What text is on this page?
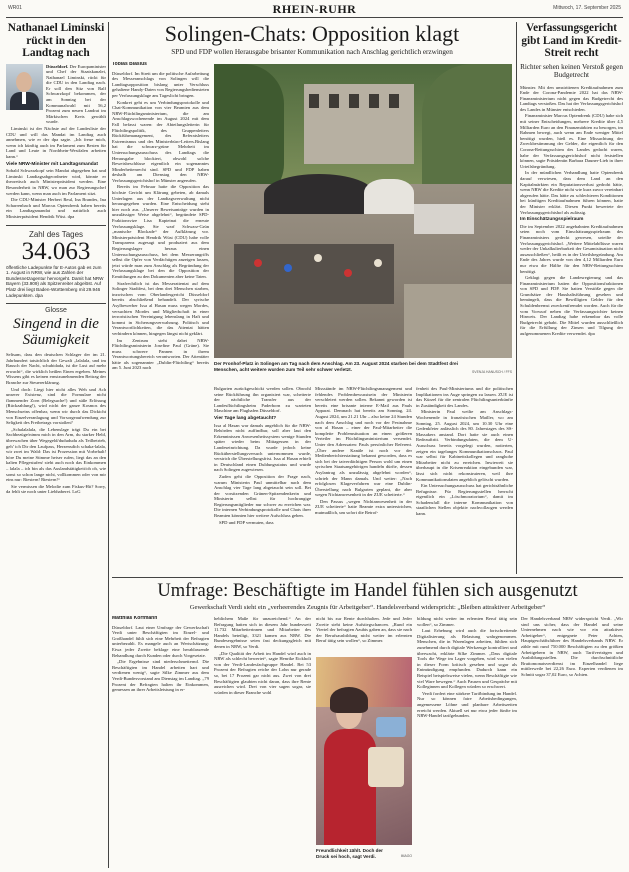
WR01	RHEIN-RUHR	Mittwoch, 17. September 2025
Nathanael Liminski rückt in den Landtag nach
Düsseldorf. Der Europaminister und Chef der Staatskanzlei, Nathanael Liminski, rückt für die CDU in den Landtag nach. Er soll den Sitz von Ralf Schwarzkopf bekommen, der am Sonntag bei der Kommunalwahl mit 56,2 Prozent zum neuen Landrat im Märkischen Kreis gewählt wurde.

Liminski ist der Nächste auf der Landesliste der CDU und will das Mandat im Landtag auch annehmen, wie er der dpa sagte. „Ich freue mich, wenn ich künftig auch im Parlament zum Besten für Land und Leute in Nordrhein-Westfalen arbeiten kann.“

Viele NRW-Minister mit Landtagsmandat

Sobald Schwarzkopf sein Mandat abgegeben hat und Liminski Landtagsabgeordneter wird, könnte er theoretisch auch Ministerpräsident werden. Eine Besonderheit in NRW, wo man zur Regierungschef werden kann, wenn man auch im Parlament sitzt.

Die CDU-Minister Herbert Reul, Ina Brandes, Ina Scharrenbach und Marcus Optendrenk haben bereits ein Landtagsmandat und natürlich auch Ministerpräsident Hendrik Wüst. dpa

Zahl des Tages
34.063
öffentliche Ladepunkte für E-Autos gab es zum 1. August in NRW, wie aus Zahlen der Bundesnetzagentur hervorgeht. Damit hat NRW Bayern (33.909) als Spitzenreiter abgelöst. Auf Platz drei liegt Baden-Württemberg mit 29.946 Ladepunkten. dpa
Glosse
Singend in die Säumigkeit

Seltsam, dass den deutschen Schlager der im 21. Jahrhundert tatsächlich der Gewalt „lalalala, und im Rausch der Nacht, schubidada, ist die Lust auf mehr erwacht“, die wirklich heißen Einen ergeben. Meines Wissens gibt es keinen ernstzunehmenden Beitrag der Branche zur Steuererklärung.

Und doch: Liegt hier nicht alles Weh und Ach unserer Existenz, sind die Formulare nicht flammender Zorn (Belegsuche!) und süße Erlösung (Rückzahlung!), wird nicht der ganze Kosmos des Menschseins offenbar, wenn wir durch das Dickicht von Einzelveranlagung und Vorsorgeaufwendung zur Seligkeit des Freibetrags vorstoßen?

„Schalalalala, die Lebenslage trägt Du ein bei Sachbezüge/nimm mich in den Arm, du starker Held, überwachen über Wegegeld/dudududu als Teilbetrieb, geh’ ich Dir den Laufpass, Herzensdich schaka-lalala, wir zwei im Wald: Das ist Prozession mit Vorbehalt! höre Du meine Stimme heiser rufen, liegt das an den kalten Pflegestufen/ steht auch noch das Einkommen – lalala – ich bin als das Auslandstätigkeit/oh oh, wie sonst so schon lange nicht, vollkommen oder von mir eins nur: Riestern! Riestern!“

Sie vermissen die Melodie zum Fiskus-Hit? Sorry, da fehlt sie noch unter Liebhaberei. LoG

Solingen-Chats: Opposition klagt
SPD und FDP wollen Herausgabe brisanter Kommunikation nach Anschlag gerichtlich erzwingen
Tobias Blasius

Düsseldorf. Im Streit um die politische Aufarbeitung des Messeranschlags von Solingen will die Landtagsopposition bislang unter Verschluss gehaltene Handy-Daten von Regierungsbediensteten per Verfassungsklage ans Tageslicht bringen.

Konkret geht es um Verbindungsprotokolle und Chat-Kommunikation von vier Beamten aus dem NRW-Flüchtlingsministerium, die am Anschlagswochenende im August 2024 mit dem Fall befasst waren: der Abteilungsleiterin für Flüchtlingspolitik, des Gruppenleiters Rückführmanagement, des Referatsleiters Extremismus und des Ministerbüro-Leiters.Bislang hat die schwarz-grüne Mehrheit im Untersuchungsausschuss des Landtags die Herausgabe blockiert, obwohl solche Beweisbeschlüsse eigentlich ein sogenanntes Minderheitenrecht sind. SPD und FDP haben deshalb am Dienstag den NRW-Verfassungsgerichtshof in Münster angerufen.

Bereits im Februar hatte die Opposition das höchste Gericht um Klärung gebeten, ab damals Unterlagen aus der Landtagsverwaltung nicht herausgegeben wurden. Eine Entscheidung steht hier noch aus. „Unserer Beweisanträge wurden in unzulässiger Weise abgelehnt“, begründete SPD-Fraktionsvize Lisa Kapteinat die erneute Verfassungsklage. Sie warf Schwarz-Grün „manische Blockade“ der Aufklärung vor. Ministerpräsident Hendrik Wüst (CDU) habe volle Transparenz zugesagt und produziert aus dem Regierungslager heraus einen Untersuchungsausschuss, bei dem Messerangriffs selbst die Opfer von Verdächtigen anzeigen lassen, jetzt würde man zum Anschlag als Begründung der Verfassungsklage bei den die Opposition der Ermittlungen zu den Dokumenten aber keine Taten.

Strafrechtlich ist das Messerattentat auf dem Solinger Stadtfest, bei dem drei Menschen starben, inzwischen vom Oberlandesgericht Düsseldorf bereits abschließend behandelt. Der syrische Asylbewerber Issa al Hasan muss wegen Mordes, versuchten Mordes und Mitgliedschaft in einer terroristischen Vereinigung lebenslang in Haft und kommt in Sicherungsverwahrung. Politisch und Verantwortlichkeiten, die das Attentat hätten verhindern können, hingegen längst nicht geklärt.

Im Zentrum steht dabei NRW-Flüchtlingsministerin Josefine Paul (Grüne). Sie muss schwere Pannen in ihrem Verantwortungsbereich verantworten. Der Attentäter hätte als sogenannter „Dublin-Flüchtling“ bereits am 5. Juni 2023 nach

Der Fronhof-Platz in Solingen am Tag nach dem Anschlag. Am 23. August 2024 starben bei dem Stadtfest drei Menschen, acht weitere wurden zum Teil sehr schwer verletzt.
SVENJA HANUSCH / FFS

Bulgarien zurückgeschickt werden sollen. Obwohl seine Rückführung ihn organisiert war, scheiterte der nächtliche Transfer aus der Landesflüchtlingsheim Paderborn zu warteten Maschine am Flughafen Düsseldorf.

Vier Tage lang abgetaucht?

Issa al Hasan war damals angeblich für die NRW-Behörden nicht auffindbar, soll aber laut den Erkenntnissen Anwesenheitssystem wenige Stunden später wieder beim Mittagessen in der Landeseinrichtung. Da wurde jedoch keine Rücküberstellungsversuch unternommen wurde, verstrich die Überstellungsfrist. Issa al Hasan erhielt in Deutschland einen Duldungsstatus und wurde nach Solingen zugewiesen.

Zuden geht die Opposition der Frage nach, warum Ministerin Paul unmittelbar nach dem Anschlag vier Tage lang abgetaucht sein soll. Bei der vorsitzenden Grünen-Spitzendenkerin und Ministerin selbst für hochrangige Regierungsmitglieder nur schwer zu erreichen war. Die internen Verbindungsprotokolle und Chats ihrer Beamten könnten hier weitere Aufschluss geben.

SPD und FDP vermuten, dass

Missstände im NRW-Flüchtlingsmanagement und fehlendes Problembewusstsein der Ministerin verschleiert werden sollen. Bekannt geworden ist bereits eine brisante interne E-Mail aus Pauls Apparat. Demnach hat bereits am Sonntag, 24. August 2024, um 21.21 Uhr – also keine 24 Stunden nach dem Anschlag und noch vor der Festnahme von al Hasan – einer der Paul-Mitarbeiter die komplette Problemsituation an einen größeren Verteiler im Flüchtlingsministerium versendet. Unter den Adressaten: Pauls persönlicher Referent. „Über andere Kanäle ist noch vor der Medienberichterstattung bekannt geworden, dass es sich bei der tatverdächtigen Person wohl um einen syrischen Staatsangehörigen handeln dürfte, dessen Asylantrag als unzulässig abgelehnt worden“, schrieb der Mann damals. Und weiter: „Nach erfolglosen Klageverfahren war eine Dublin-Überstellung nach Bulgarien geplant, die aber wegen Nichtanwesenheit in der ZUE scheiterte.“

Den Passus „wegen Nichtanwesenheit in der ZUE scheiterte“ hatte Beamte extra unterstrichen, mutmaßlich, um sofort die Betrof-

fenheit des Paul-Ministeriums und die politischen Implikationen ins Auge springen zu lassen. ZUE ist das Kürzel für die zentralen Flüchtlingsunterkünfte in Zuständigkeit des Landes.

Ministerin Paul weilte am Anschlags-Wochenende in französischen Mailler, wo am Sonntag, 25. August 2024, um 10.30 Uhr eine Gedenkfeier anlässlich des 80. Jahrestages des SS-Massakers anstand. Dort hatte sie auch einen Redeauftritt. Verbindungsdaten, die dem U-Ausschuss bereits vorgelegt wurden, notierten, zeigen ein tagelanges Kommunikationschaos. Paul war selbst für Kabinettskollegen und ranghohe Mitarbeiter nicht zu erreichen. Inwieweit sie überhaupt in die Krisenreaktion eingebunden war, lässt sich nicht rekonstruieren, weil ihre Kommunikationsdaten angeblich gelöscht wurden.

Ein Untersuchungsausschuss hat gerichtsähnliche Befugnisse. Für Regierungsstellen herrscht eigentlich ein „Löschmoratorium“, damit im Schadensfall die interne Kommunikation von staatlichen Stellen objektiv nachvollzogen werden kann.

Verfassungsgericht gibt Land im Kredit-Streit recht
Richter sehen keinen Verstoß gegen Budgetrecht

Münster. Mit den umstrittenen Kreditaufnahmen zum Ende der Corona-Pandemie 2022 hat das NRW-Finanzministerium nicht gegen das Budgetrecht des Landtags verstoßen. Das hat der Verfassungsgerichtshof des Landes in Münster entschieden.

Finanzminister Marcus Optendrenk (CDU) habe sich mit seiner Entscheidungen, mehrere Kredite über 4,5 Milliarden Euro an den Finanzmärkten zu besorgen, im Rahmen bewegt, auch wenn am Ende weniger Mittel benötigt wurden, hieß es. Eine Missachtung der Zweckbestimmung der Gelder, die eigentlich für den Corona-Rettungsschirm des Landes gedacht waren, habe der Verfassungsgerichtshof nicht feststellen können, sagte Präsidentin Barbara Dauner-Lieb in ihrer Urteilsbegründung.

In der mündlichen Verhandlung hatte Optendrenk darauf verwiesen, dass dem Land an den Kapitalmärkten ein Reputationsverlust gedroht hätte, wenn NRW die Kredite nicht wie kurz zuvor vereinbart abgerufen hätte. Das hätte zu schlechteren Konditionen bei künftigen Kreditaufnahmen führen können, hatte der Minister erklärt. Diesen Punkt bewertete der Verfassungsgerichtshof als zulässig.

Im Einschätzungsspielraum

Die im September 2022 angebahnten Kreditaufnahmen seien noch vom Einschätzungsspielraum des Finanzministers gedeckt gewesen, urteilte der Verfassungsgerichtshof. „Weitere Mittelabflüsse waren weder der Unkalkulierbarkeit der Gesamtsituation nicht auszuschließen“, heißt es in der Urteilsbegründung. Am Ende des Jahres wurde von den 4,12 Milliarden Euro nur etwa die Hälfte für den NRW-Rettungsschirm benötigt.

Geklagt gegen die Landesregierung und das Finanzministerium hatten die Oppositionsfraktionen von SPD und FDP. Sie hatten Verstöße gegen die Grundsätze der Haushaltsführung gesehen und bemängelt, dass die Bewilligten Gelder für den Schuldenbremst zweckentfremdet worden. Auch für die vom Vorwurf neben die Verfassungsrichter keinen Hinweis. Der Landtag habe erkennbar das volle Budgetrecht gehabt. Die Mittel wurden ausschließlich für die Erfüllung der Zinsen und Tilgung der aufgenommenen Kredite verwendet. dpa

Umfrage: Beschäftigte im Handel fühlen sich ausgenutzt
Gewerkschaft Verdi sieht ein „verheerendes Zeugnis für Arbeitgeber“. Handelsverband widerspricht: „Bleiben attraktiver Arbeitgeber“
Matthias Korfmann

Düsseldorf. Laut einer Umfrage der Gewerkschaft Verdi unter Beschäftigten im Einzel- und Großhandel fühlt sich eine Mehrheit der Befragten unterbezahlt. Es mangele auch an Wertschätzung: Etwa jeder Zweite beklage eine herablassende Behandlung durch Kunden oder durch Vorgesetzte.

„Die Ergebnisse sind niederschmetternd. Die Beschäftigten im Handel arbeiten hart und verdienen wenig“, sagte Silke Zimmer aus dem Verdi-Bundesvorstand am Dienstag im Landtag. „79 Prozent der Befragten halten ihr Einkommen, gemessen an ihrer Arbeitsleistung in er-

heblichem Maße für unzureichend.“ An der Befragung hatten sich in diesem Jahr bundesweit 11.732 Mitarbeiterinnen und Mitarbeiter des Handels beteiligt, 3321 kamen aus NRW. Die Bundesergebnisse seien fast deckungsgleich mit denen in NRW, so Verdi.

„Die Qualität der Arbeit im Handel wird auch in NRW als schlecht bewertet“, sagte Henrike Eickholt von der Verdi-Landesfachgruppe Handel. Bei 53 Prozent der Befragten reiche der Lohn nur gerade so, bei 17 Prozent gar nicht aus. Zwei von drei Beschäftigten glaubten nicht daran, dass ihre Rente ausreichen wird. Drei von vier sagen sogar, sie würden in dieser Branche wohl

nicht bis zur Rente durchhalten. Jede und Jeder Zweite sieht keine Aufstiegschancen. „Rund ein Viertel der befragten Azubis gaben an, dass sie nach der Berufsausbildung nicht weiter im erlernten Beruf tätig sein wollen“, so Zimmer.

Freundlichkeit zählt. Doch der Druck sei hoch, sagt Verdi.	IMAGO

bildung nicht weiter im erlernten Beruf tätig sein wollen“, so Zimmer.

Laut Erhebung wird auch die fortschreitende Digitalisierung als Belastung wahrgenommen. Menschen, die in Warenlagen arbeiten, fühlten sich zunehmend durch digitale Werkzeuge kontrolliert und überwacht, erklärte Silke Zimmer. „Dass digitale Tools die Wege im Lager vorgeben, wird von vielen in dieser Form kritisch gesehen und sogar als Entmündigung empfunden. Dadurch kann ein Beispiel beispielsweise vielen, wenn Beschäftigte wie viel Ware bewegen.“ Auch Pausen und Gespräche mit Kolleginnen und Kollegen würden so erschwert.

Verdi fordert eine stärkere Tarifbindung im Handel. Nur so können faire Arbeitsbedingungen, angemessene Löhne und planbare Arbeitszeiten erreicht werden. Aktuell sei nur etwa jeder fünfte im NRW-Handel tarifgebunden.

Der Handelsverband NRW widerspricht Verdi. „Wir sind uns sicher, dass der Handel und seine Unternehmen nach wie vor ein attraktiver Arbeitgeber“, entgegnete Peter Achten, Hauptgeschäftsführer des Handelsverbands NRW. Er zähle mit rund 750.000 Beschäftigten zu den größten Arbeitgebern in NRW, auch Tarifverträgen und Ausbildungsstellen. Die durchschnittliche Bruttomonatsverdienst im Einzelhandel liege mittlerweile bei 22,26 Euro. Experten verdienen im Schnitt sogar 37,02 Euro, so Achten.
